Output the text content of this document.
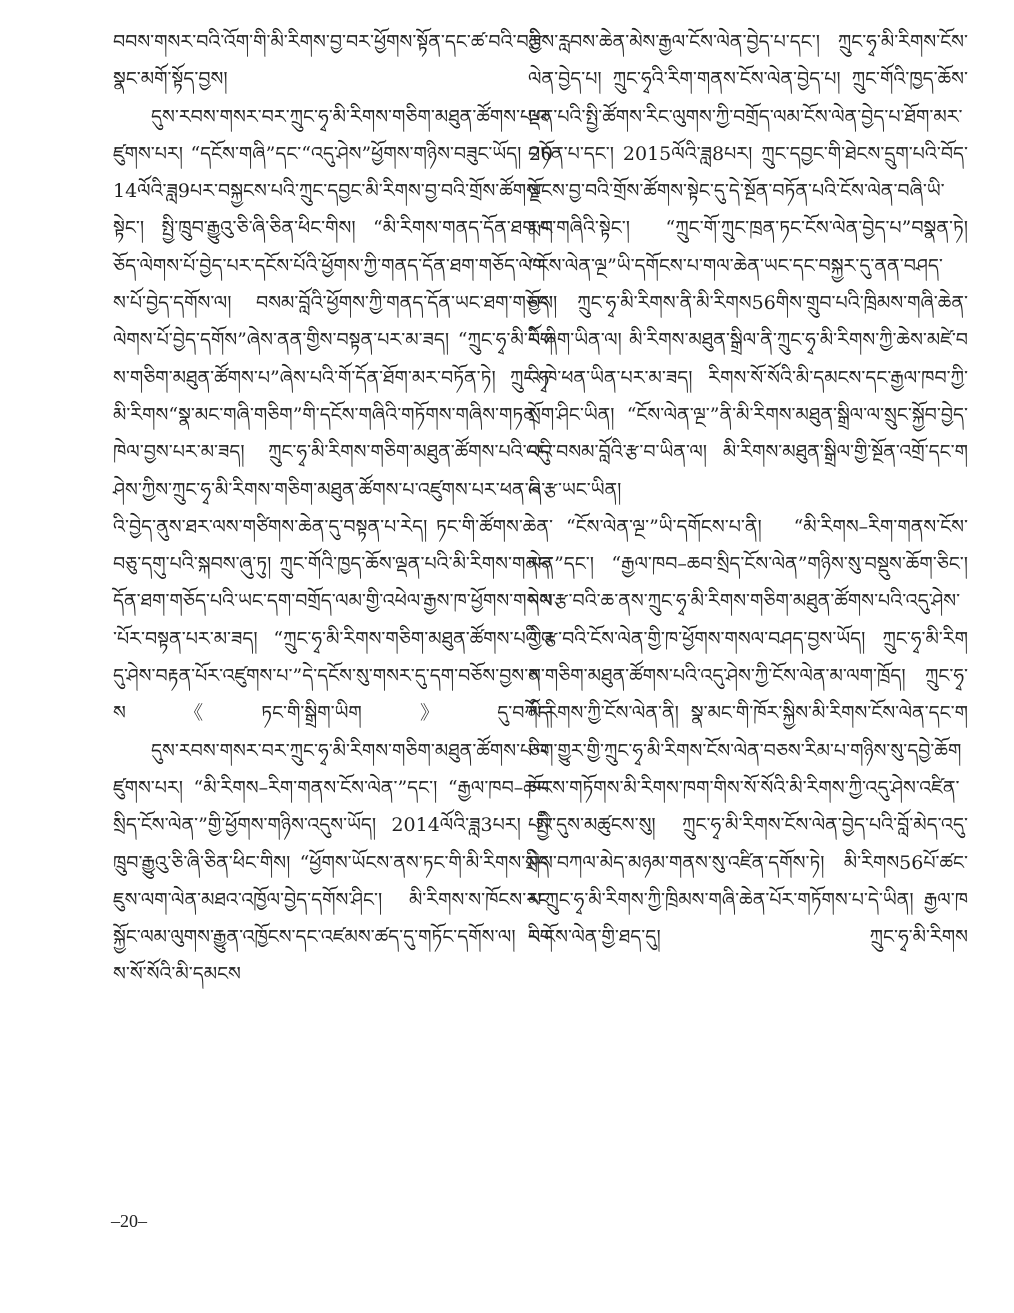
བབས་གསར་བའི་འོག་གི་མི་རིགས་བྱ་བར་ཕྱོགས་སྟོན་དང་ཚ་བའི་བརྩི་སྣང་མགོ་སྟོད་བྱས།

དུས་རབས་གསར་བར་ཀྲུང་ཧྭ་མི་རིགས་གཅིག་མཐུན་ཚོགས་པ་འཛུགས་པར། “དངོས་གཞི”དང་“འདུ་ཤེས”ཕྱོགས་གཉིས་བཟུང་ཡོད། 2014ལོའི་ཟླ9པར་བསྐྱངས་པའི་ཀྲུང་དབྱང་མི་རིགས་བྱ་བའི་གྲོས་ཚོགས་སྟེང་། སྤྱི་ཁྲུབ་རྒྱུའུ་ཅི་ཞི་ཅིན་ཕིང་གིས། “མི་རིགས་གནད་དོན་ཐག་གཅོད་ལེགས་པོ་བྱེད་པར་དངོས་པོའི་ཕྱོགས་ཀྱི་གནད་དོན་ཐག་གཅོད་ལེགས་པོ་བྱེད་དགོས་ལ། བསམ་བློའི་ཕྱོགས་ཀྱི་གནད་དོན་ཡང་ཐག་གཅོད་ལེགས་པོ་བྱེད་དགོས”ཞེས་ནན་གྱིས་བསྟན་པར་མ་ཟད། “ཀྲུང་ཧྭ་མི་རིགས་གཅིག་མཐུན་ཚོགས་པ”ཞེས་པའི་གོ་དོན་ཐོག་མར་བཏོན་ཏེ། ཀྲུང་ཧྭ་མི་རིགས“སྣ་མང་གཞི་གཅིག”གི་དངོས་གཞིའི་གཏོགས་གཞིས་གཏན་ཁེལ་བྱས་པར་མ་ཟད། ཀྲུང་ཧྭ་མི་རིགས་གཅིག་མཐུན་ཚོགས་པའི་འདུ་ཤེས་ཀྱིས་ཀྲུང་ཧྭ་མི་རིགས་གཅིག་མཐུན་ཚོགས་པ་འཛུགས་པར་ཕན་པའི་བྱེད་ནུས་ཐར་ལས་གཙིགས་ཆེན་དུ་བསྟན་པ་རེད། ཏང་གི་ཚོགས་ཆེན་བཅུ་དགུ་པའི་སྐབས་ཞུ་ཏུ། ཀྲུང་གོའི་ཁྱད་ཆོས་ལྡན་པའི་མི་རིགས་གནད་དོན་ཐག་གཅོད་པའི་ཡང་དག་བགྲོད་ལམ་གྱི་འཕེལ་རྒྱས་ཁ་ཕྱོགས་གསལ་པོར་བསྟན་པར་མ་ཟད། “ཀྲུང་ཧྭ་མི་རིགས་གཅིག་མཐུན་ཚོགས་པའི་འདུ་ཤེས་བརྟན་པོར་འཛུགས་པ་”དེ་དངོས་སུ་གསར་དུ་དག་བཅོས་བྱས་ནས《ཏང་གི་སྒྲིག་ཡིག》དུ་བཀོད།

དུས་རབས་གསར་བར་ཀྲུང་ཧྭ་མི་རིགས་གཅིག་མཐུན་ཚོགས་པ་འཛུགས་པར། “མི་རིགས–རིག་གནས་ངོས་ལེན་”དང་། “རྒྱལ་ཁབ–ཆབ་སྲིད་ངོས་ལེན་”གྱི་ཕྱོགས་གཉིས་འདུས་ཡོད། 2014ལོའི་ཟླ3པར། སྤྱི་ཁྲུབ་རྒྱུའུ་ཅི་ཞི་ཅིན་ཕིང་གིས། “ཕྱོགས་ཡོངས་ནས་ཏང་གི་མི་རིགས་སྲིད་ཇུས་ལག་ལེན་མཐའ་འཁྱོལ་བྱེད་དགོས་ཤིང་། མི་རིགས་ས་ཁོངས་རང་སྐྱོང་ལམ་ལུགས་རྒྱུན་འཁྱོངས་དང་འཛམས་ཚད་དུ་གཏོང་དགོས་ལ། རིགས་སོ་སོའི་མི་དམངས

ཀྱིས་རླབས་ཆེན་མེས་རྒྱལ་ངོས་ལེན་བྱེད་པ་དང་། ཀྲུང་ཧྭ་མི་རིགས་ངོས་ལེན་བྱེད་པ། ཀྲུང་ཧྭའི་རིག་གནས་ངོས་ལེན་བྱེད་པ། ཀྲུང་གོའི་ཁྱད་ཆོས་ལྡན་པའི་སྤྱི་ཚོགས་རིང་ལུགས་ཀྱི་བགྲོད་ལམ་ངོས་ལེན་བྱེད་པ་ཐོག་མར་བཏོན་པ་དང་། 2015ལོའི་ཟླ8པར། ཀྲུང་དབྱང་གི་ཐེངས་དྲུག་པའི་བོད་ལྗོངས་བྱ་བའི་གྲོས་ཚོགས་སྟེང་དུ་དེ་སྔོན་བཏོན་པའི་ངོས་ལེན་བཞི་ཡི་རྨང་གཞིའི་སྟེང་། “ཀྲུང་གོ་ཀྲུང་ཁྲན་ཏང་ངོས་ལེན་བྱེད་པ”བསྣན་ཏེ། “ངོས་ལེན་ལྔ”ཡི་དགོངས་པ་གལ་ཆེན་ཡང་དང་བསྐྱར་དུ་ནན་བཤད་བྱས། ཀྲུང་ཧྭ་མི་རིགས་ནི་མི་རིགས56གིས་གྲུབ་པའི་ཁྲིམས་གཞི་ཆེན་པོ་ཞིག་ཡིན་ལ། མི་རིགས་མཐུན་སྒྲིལ་ནི་ཀྲུང་ཧྭ་མི་རིགས་ཀྱི་ཆེས་མཛེ་བའི་ཁེ་ཕན་ཡིན་པར་མ་ཟད། རིགས་སོ་སོའི་མི་དམངས་དང་རྒྱལ་ཁབ་ཀྱི་སྲོག་ཤིང་ཡིན། “ངོས་ལེན་ལྔ་”ནི་མི་རིགས་མཐུན་སྒྲིལ་ལ་སྲུང་སྐྱོབ་བྱེད་པའི་བསམ་བློའི་རྩ་བ་ཡིན་ལ། མི་རིགས་མཐུན་སྒྲིལ་གྱི་སྔོན་འགྲོ་དང་གཞི་རྩ་ཡང་ཡིན།

“ངོས་ལེན་ལྔ་”ཡི་དགོངས་པ་ནི། “མི་རིགས–རིག་གནས་ངོས་ལེན”དང་། “རྒྱལ་ཁབ–ཆབ་སྲིད་ངོས་ལེན”གཉིས་སུ་བསྡུས་ཆོག་ཅིང་། དེས་རྩ་བའི་ཆ་ནས་ཀྲུང་ཧྭ་མི་རིགས་གཅིག་མཐུན་ཚོགས་པའི་འདུ་ཤེས་ཀྱི་རྩ་བའི་ངོས་ལེན་གྱི་ཁ་ཕྱོགས་གསལ་བཤད་བྱས་ཡོད། ཀྲུང་ཧྭ་མི་རིགས་གཅིག་མཐུན་ཚོགས་པའི་འདུ་ཤེས་ཀྱི་ངོས་ལེན་མ་ལག་ཁྲོད། ཀྲུང་ཧྭ་མི་རིགས་ཀྱི་ངོས་ལེན་ནི། སྣ་མང་གི་ཁོར་སྐྱིས་མི་རིགས་ངོས་ལེན་དང་གཅིག་གྱུར་གྱི་ཀྲུང་ཧྭ་མི་རིགས་ངོས་ལེན་བཅས་རིམ་པ་གཉིས་སུ་དབྱེ་ཆོག ཁོངས་གཏོགས་མི་རིགས་ཁག་གིས་སོ་སོའི་མི་རིགས་ཀྱི་འདུ་ཤེས་འཛིན་པའི་དུས་མཚུངས་སུ། ཀྲུང་ཧྭ་མི་རིགས་ངོས་ལེན་བྱེད་པའི་བློ་མེད་འདུ་ཤེས་བཀལ་མེད་མཉམ་གནས་སུ་འཛིན་དགོས་ཏེ། མི་རིགས56པོ་ཚང་མ་ཀྲུང་ཧྭ་མི་རིགས་ཀྱི་ཁྲིམས་གཞི་ཆེན་པོར་གཏོགས་པ་དེ་ཡིན། རྒྱལ་ཁབ་ངོས་ལེན་གྱི་ཐད་དུ། ཀྲུང་ཧྭ་མི་རིགས

–20–
